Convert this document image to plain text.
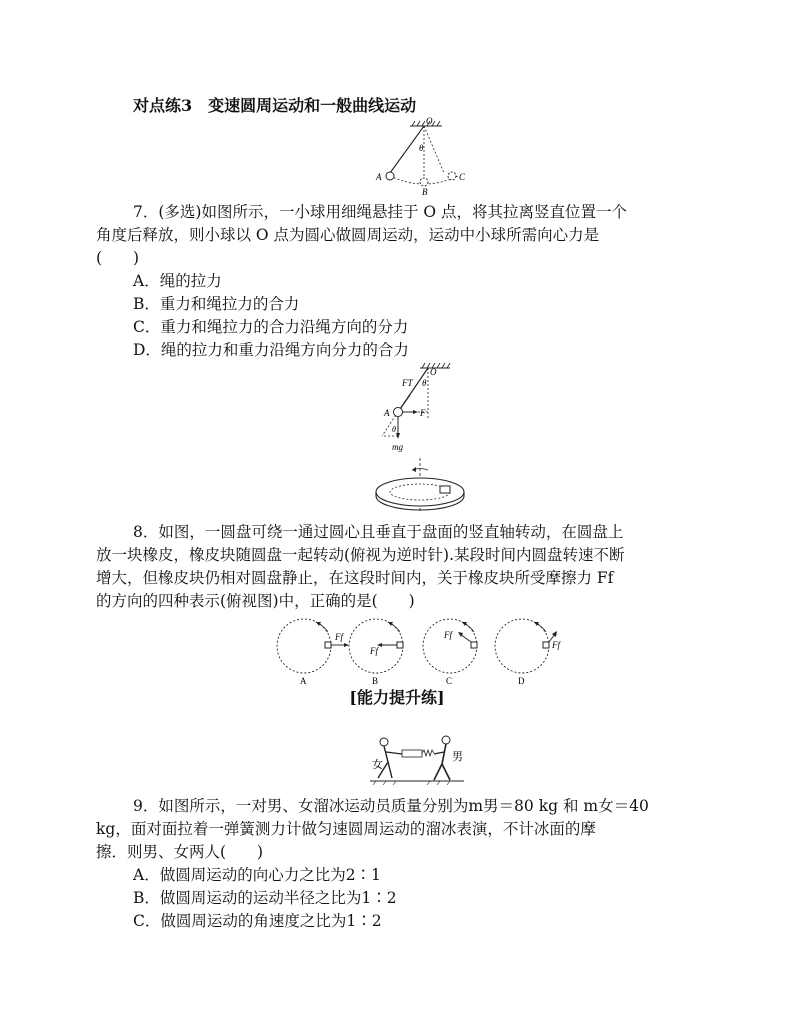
对点练3　变速圆周运动和一般曲线运动
O
θ
A
B
C
7．(多选)如图所示，一小球用细绳悬挂于 O 点，将其拉离竖直位置一个
角度后释放，则小球以 O 点为圆心做圆周运动，运动中小球所需向心力是
(　　)
A．绳的拉力
B．重力和绳拉力的合力
C．重力和绳拉力的合力沿绳方向的分力
D．绳的拉力和重力沿绳方向分力的合力
O
FT θ
A	F
θ
mg
8．如图，一圆盘可绕一通过圆心且垂直于盘面的竖直轴转动，在圆盘上
放一块橡皮，橡皮块随圆盘一起转动(俯视为逆时针).某段时间内圆盘转速不断
增大，但橡皮块仍相对圆盘静止，在这段时间内，关于橡皮块所受摩擦力 Ff
的方向的四种表示(俯视图)中，正确的是(　　)
Ff
A
Ff
B
Ff
C
Ff
D
[能力提升练]
女
男
9．如图所示，一对男、女溜冰运动员质量分别为m男＝80 kg 和 m女＝40
kg，面对面拉着一弹簧测力计做匀速圆周运动的溜冰表演，不计冰面的摩
擦．则男、女两人(　　)
A．做圆周运动的向心力之比为2∶1
B．做圆周运动的运动半径之比为1∶2
C．做圆周运动的角速度之比为1∶2
